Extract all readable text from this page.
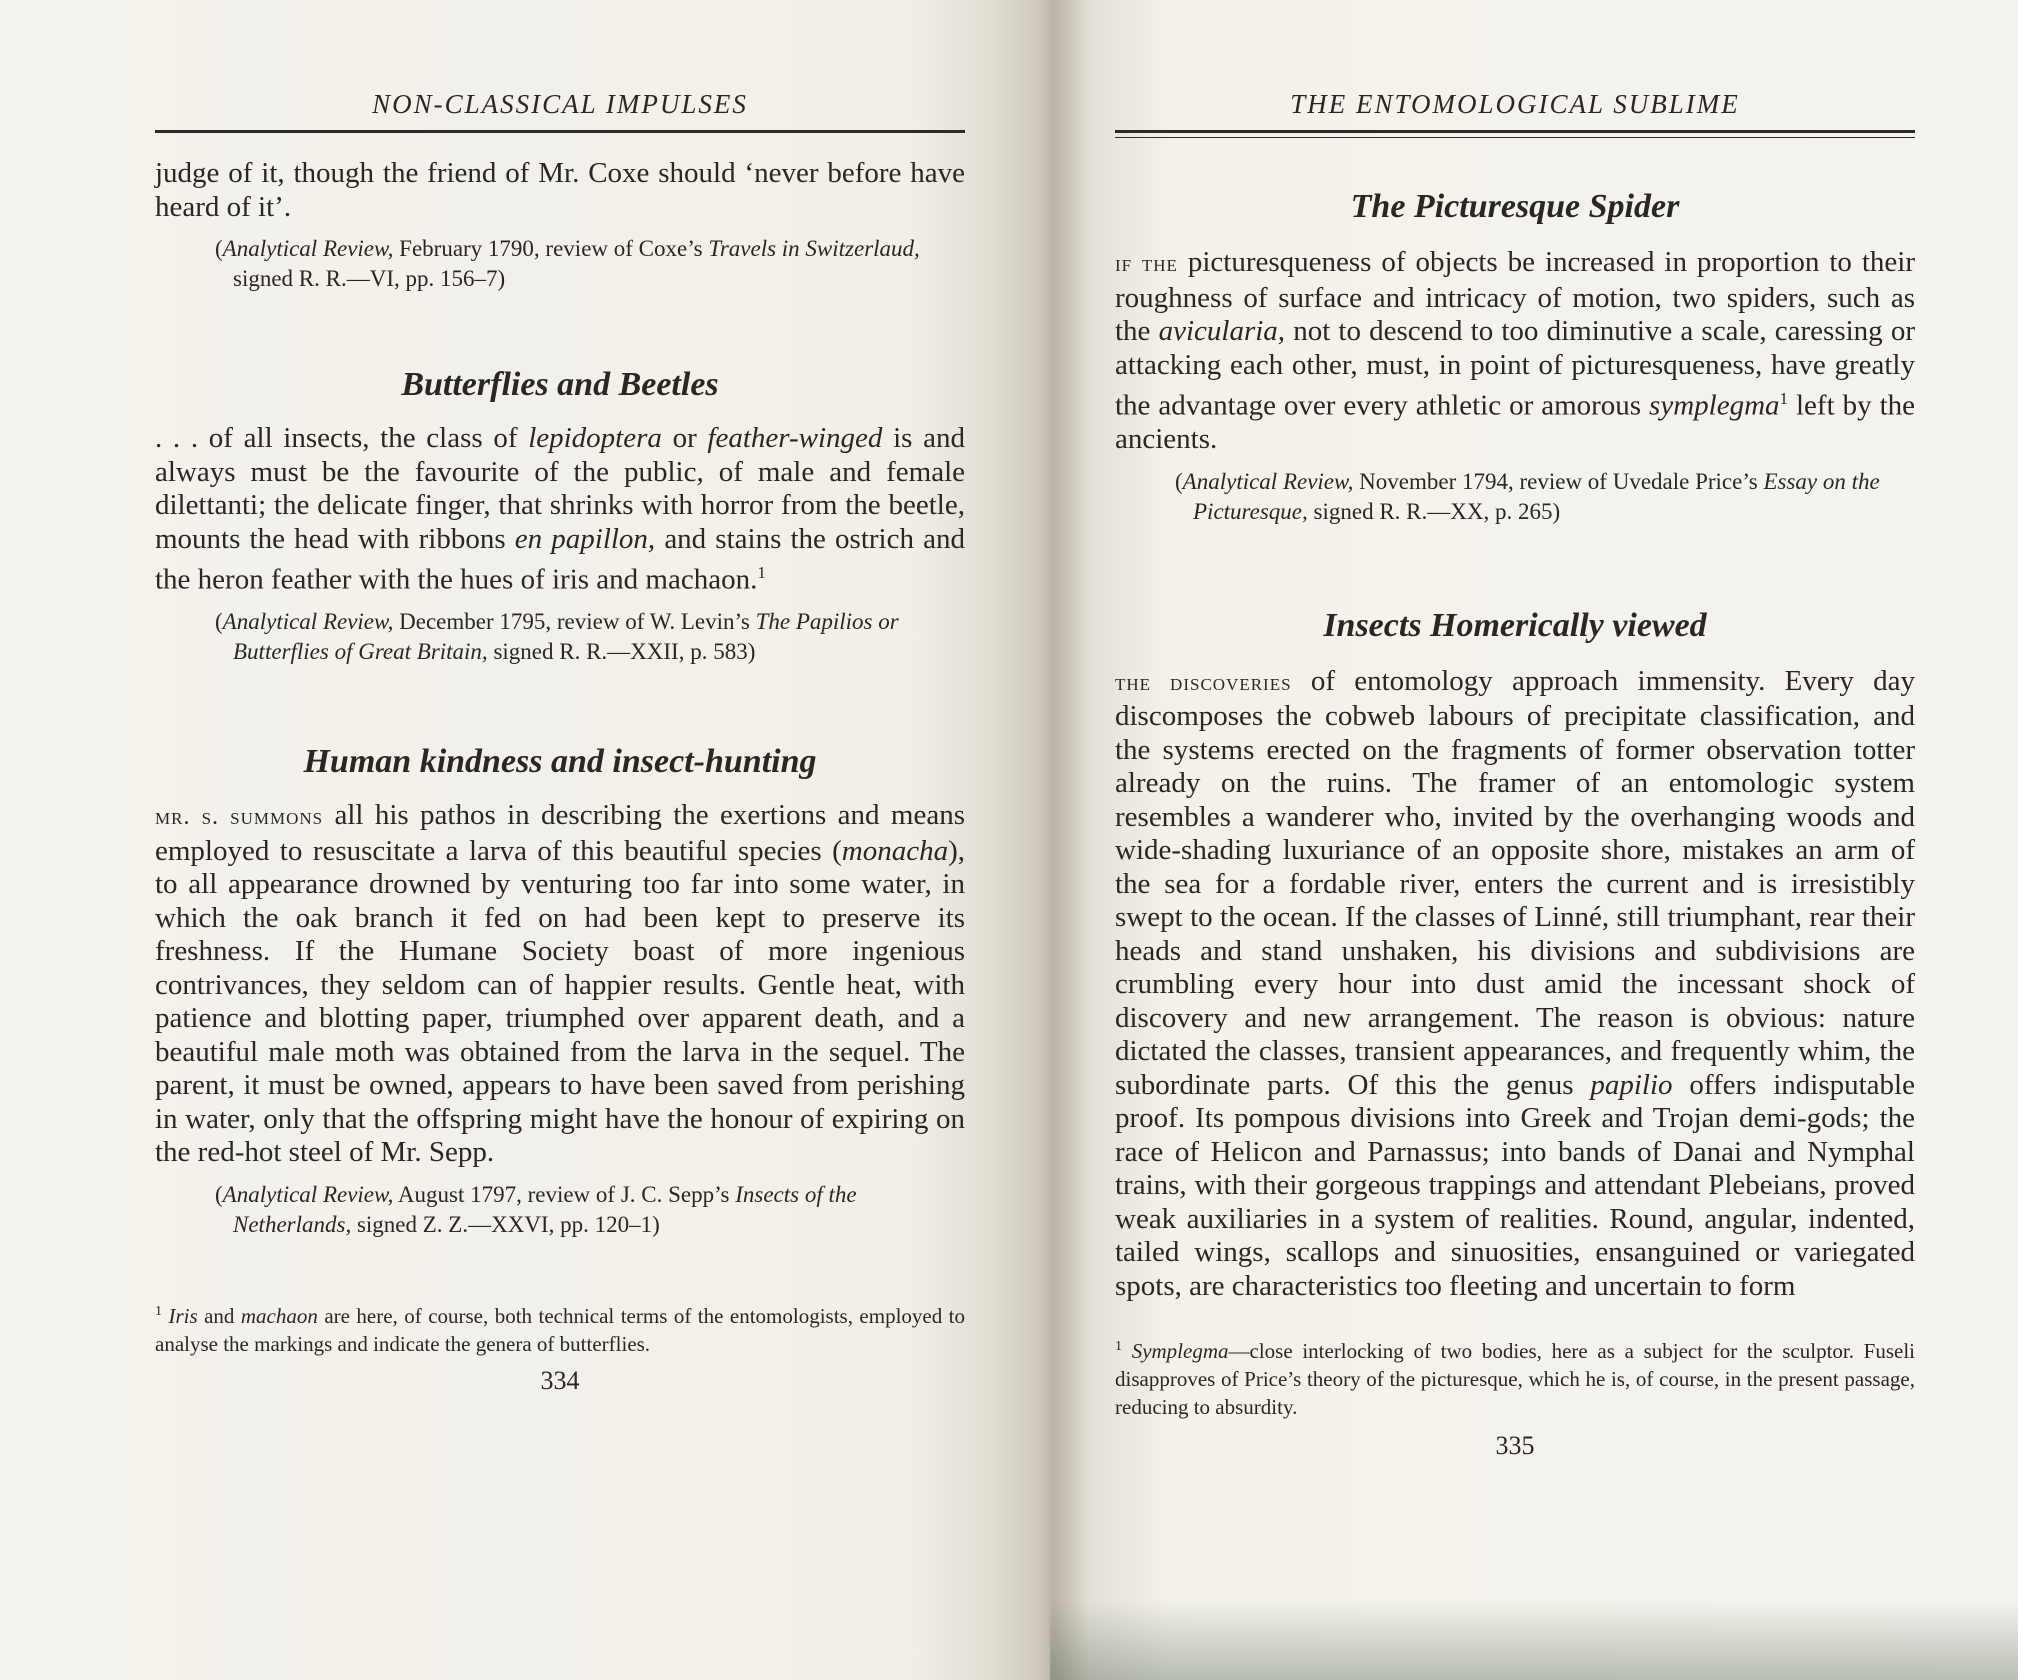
NON-CLASSICAL IMPULSES

judge of it, though the friend of Mr. Coxe should ‘never before have heard of it’.

(Analytical Review, February 1790, review of Coxe’s Travels in Switzerlaud, signed R. R.—VI, pp. 156–7)

Butterflies and Beetles

. . . of all insects, the class of lepidoptera or feather-winged is and always must be the favourite of the public, of male and female dilettanti; the delicate finger, that shrinks with horror from the beetle, mounts the head with ribbons en papillon, and stains the ostrich and the heron feather with the hues of iris and machaon.$^1$

(Analytical Review, December 1795, review of W. Levin’s The Papilios or Butterflies of Great Britain, signed R. R.—XXII, p. 583)

Human kindness and insect-hunting

mr. s. summons all his pathos in describing the exertions and means employed to resuscitate a larva of this beautiful species (monacha), to all appearance drowned by venturing too far into some water, in which the oak branch it fed on had been kept to preserve its freshness. If the Humane Society boast of more ingenious contrivances, they seldom can of happier results. Gentle heat, with patience and blotting paper, triumphed over apparent death, and a beautiful male moth was obtained from the larva in the sequel. The parent, it must be owned, appears to have been saved from perishing in water, only that the offspring might have the honour of expiring on the red-hot steel of Mr. Sepp.

(Analytical Review, August 1797, review of J. C. Sepp’s Insects of the Netherlands, signed Z. Z.—XXVI, pp. 120–1)

$^1$ Iris and machaon are here, of course, both technical terms of the entomologists, employed to analyse the markings and indicate the genera of butterflies.

334

THE ENTOMOLOGICAL SUBLIME
The Picturesque Spider

if the picturesqueness of objects be increased in proportion to their roughness of surface and intricacy of motion, two spiders, such as the avicularia, not to descend to too diminutive a scale, caressing or attacking each other, must, in point of picturesqueness, have greatly the advantage over every athletic or amorous symplegma$^1$ left by the ancients.

(Analytical Review, November 1794, review of Uvedale Price’s Essay on the Picturesque, signed R. R.—XX, p. 265)

Insects Homerically viewed

the discoveries of entomology approach immensity. Every day discomposes the cobweb labours of precipitate classification, and the systems erected on the fragments of former observation totter already on the ruins. The framer of an entomologic system resembles a wanderer who, invited by the overhanging woods and wide-shading luxuriance of an opposite shore, mistakes an arm of the sea for a fordable river, enters the current and is irresistibly swept to the ocean. If the classes of Linné, still triumphant, rear their heads and stand unshaken, his divisions and subdivisions are crumbling every hour into dust amid the incessant shock of discovery and new arrangement. The reason is obvious: nature dictated the classes, transient appearances, and frequently whim, the subordinate parts. Of this the genus papilio offers indisputable proof. Its pompous divisions into Greek and Trojan demi-gods; the race of Helicon and Parnassus; into bands of Danai and Nymphal trains, with their gorgeous trappings and attendant Plebeians, proved weak auxiliaries in a system of realities. Round, angular, indented, tailed wings, scallops and sinuosities, ensanguined or variegated spots, are characteristics too fleeting and uncertain to form

$^1$ Symplegma—close interlocking of two bodies, here as a subject for the sculptor. Fuseli disapproves of Price’s theory of the picturesque, which he is, of course, in the present passage, reducing to absurdity.

335
